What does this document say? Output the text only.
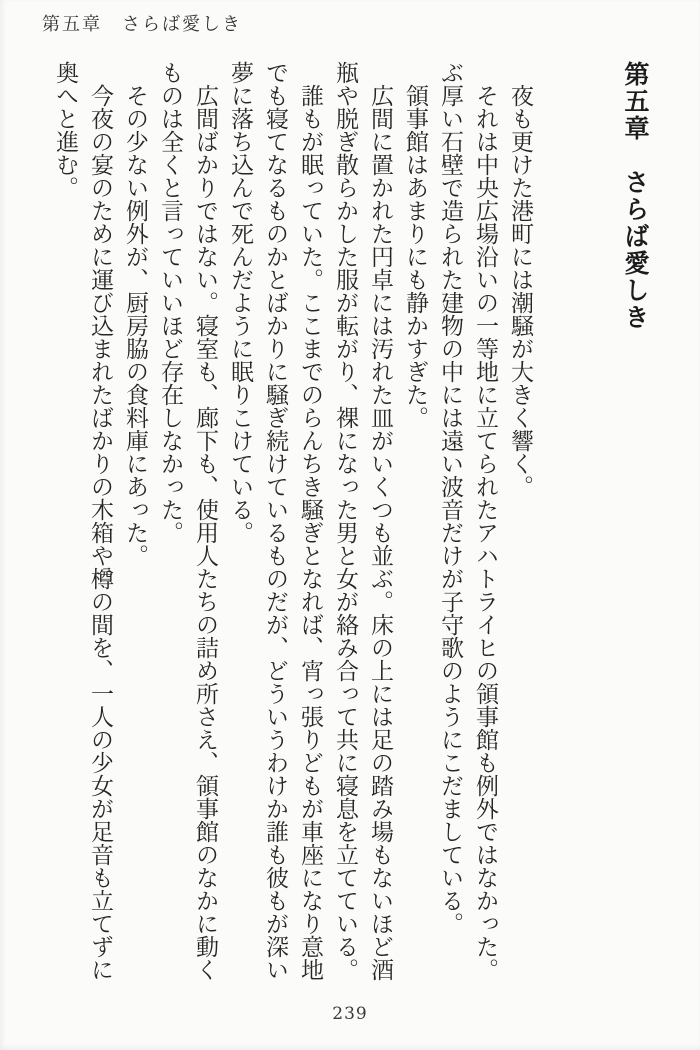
第五章　さらば愛しき
第五章　さらば愛しき

夜も更けた港町には潮騒が大きく響く。

それは中央広場沿いの一等地に立てられたアハトライヒの領事館も例外ではなかった。ぶ厚い石壁で造られた建物の中には遠い波音だけが子守歌のようにこだましている。

領事館はあまりにも静かすぎた。

広間に置かれた円卓には汚れた皿がいくつも並ぶ。床の上には足の踏み場もないほど酒瓶や脱ぎ散らかした服が転がり、裸になった男と女が絡み合って共に寝息を立てている。

誰もが眠っていた。ここまでのらんちき騒ぎとなれば、宵っ張りどもが車座になり意地でも寝てなるものかとばかりに騒ぎ続けているものだが、どういうわけか誰も彼もが深い夢に落ち込んで死んだように眠りこけている。

広間ばかりではない。寝室も、廊下も、使用人たちの詰め所さえ、領事館のなかに動くものは全くと言っていいほど存在しなかった。

その少ない例外が、厨房脇の食料庫にあった。

今夜の宴のために運び込まれたばかりの木箱や樽の間を、一人の少女が足音も立てずに奥へと進む。

239
